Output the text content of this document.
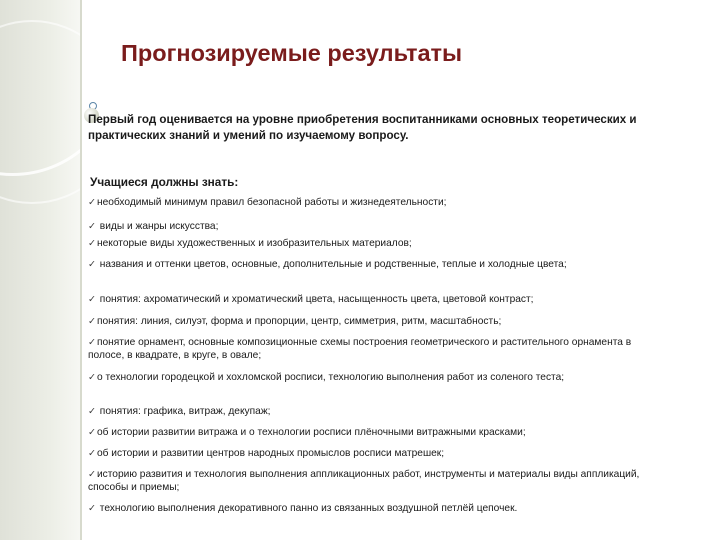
Прогнозируемые результаты
Первый год оценивается на уровне приобретения воспитанниками основных теоретических и практических знаний и умений по изучаемому вопросу.
Учащиеся должны знать:
✓необходимый минимум правил безопасной работы и жизнедеятельности;
✓ виды и жанры искусства;
✓некоторые виды художественных и изобразительных материалов;
✓ названия и оттенки цветов, основные, дополнительные и родственные, теплые и холодные цвета;
✓ понятия: ахроматический и хроматический цвета, насыщенность цвета, цветовой контраст;
✓понятия: линия, силуэт, форма и пропорции, центр, симметрия, ритм, масштабность;
✓понятие орнамент, основные композиционные схемы построения геометрического и растительного орнамента в полосе, в квадрате, в круге, в овале;
✓о технологии городецкой и хохломской росписи, технологию выполнения работ из соленого теста;
✓ понятия: графика, витраж, декупаж;
✓об истории развитии витража и о технологии росписи плёночными витражными красками;
✓об истории и развитии центров народных промыслов росписи матрешек;
✓историю развития и технология выполнения аппликационных работ, инструменты и материалы виды аппликаций, способы и приемы;
✓ технологию выполнения декоративного панно из связанных воздушной петлёй цепочек.
